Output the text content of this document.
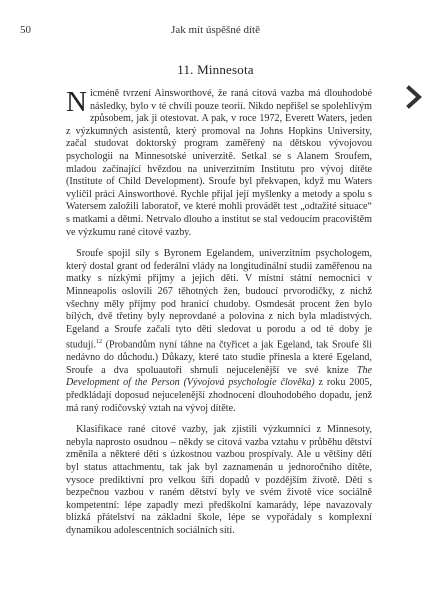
50	Jak mít úspěšné dítě
11. Minnesota

Nicméně tvrzení Ainsworthové, že raná citová vazba má dlouhodobé následky, bylo v té chvíli pouze teorií. Nikdo nepřišel se spolehlivým způsobem, jak ji otestovat. A pak, v roce 1972, Everett Waters, jeden z výzkumných asistentů, který promoval na Johns Hopkins University, začal studovat doktorský program zaměřený na dětskou vývojovou psychologii na Minnesotské univerzitě. Setkal se s Alanem Sroufem, mladou začínající hvězdou na univerzitním Institutu pro vývoj dítěte (Institute of Child Development). Sroufe byl překvapen, když mu Waters vylíčil práci Ainsworthové. Rychle přijal její myšlenky a metody a spolu s Watersem založili laboratoř, ve které mohli provádět test „odtažité situace“ s matkami a dětmi. Netrvalo dlouho a institut se stal vedoucím pracovištěm ve výzkumu rané citové vazby.

 Sroufe spojil síly s Byronem Egelandem, univerzitním psychologem, který dostal grant od federální vlády na longitudinální studii zaměřenou na matky s nízkými příjmy a jejich děti. V místní státní nemocnici v Minneapolis oslovili 267 těhotných žen, budoucí prvorodičky, z nichž všechny měly příjmy pod hranicí chudoby. Osmdesát procent žen bylo bílých, dvě třetiny byly neprovdané a polovina z nich byla mladistvých. Egeland a Sroufe začali tyto děti sledovat u porodu a od té doby je studují.$^{12}$ (Probandům nyní táhne na čtyřicet a jak Egeland, tak Sroufe šli nedávno do důchodu.) Důkazy, které tato studie přinesla a které Egeland, Sroufe a dva spoluautoři shrnuli nejucelenější ve své knize The Development of the Person (Vývojová psychologie člověka) z roku 2005, předkládají doposud nejucelenější zhodnocení dlouhodobého dopadu, jenž má raný rodičovský vztah na vývoj dítěte.

 Klasifikace rané citové vazby, jak zjistili výzkumníci z Minnesoty, nebyla naprosto osudnou – někdy se citová vazba vztahu v průběhu dětství změnila a některé děti s úzkostnou vazbou prospívaly. Ale u většiny dětí byl status attachmentu, tak jak byl zaznamenán u jednoročního dítěte, vysoce prediktivní pro velkou šíři dopadů v pozdějším životě. Děti s bezpečnou vazbou v raném dětství byly ve svém životě více sociálně kompetentní: lépe zapadly mezi předškolní kamarády, lépe navazovaly blízká přátelství na základní škole, lépe se vypořádaly s komplexní dynamikou adolescentních sociálních sítí.
